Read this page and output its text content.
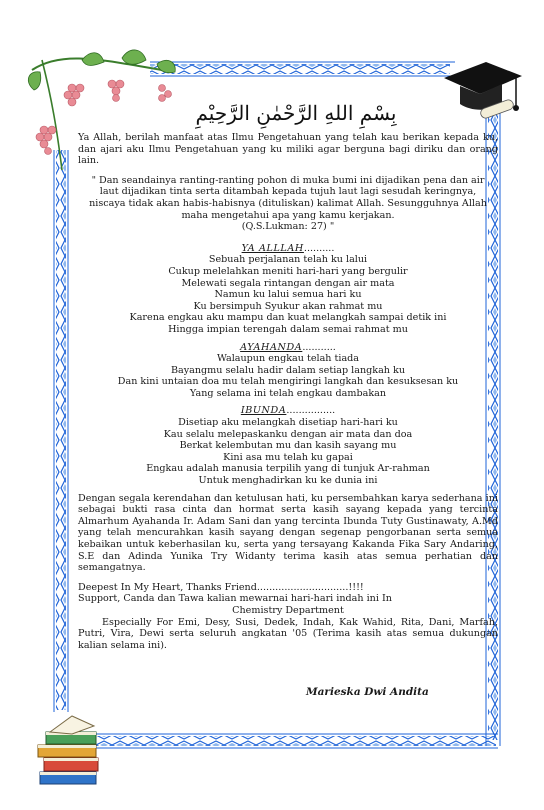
بِسْمِ اللهِ الرَّحْمٰنِ الرَّحِيْمِ

Ya Allah, berilah manfaat atas Ilmu Pengetahuan yang telah kau berikan kepada ku, dan ajari aku Ilmu Pengetahuan yang ku miliki agar berguna bagi diriku dan orang lain.

" Dan seandainya ranting-ranting pohon di muka bumi ini dijadikan pena dan air laut dijadikan tinta serta ditambah kepada tujuh laut lagi sesudah keringnya, niscaya tidak akan habis-habisnya (dituliskan) kalimat Allah. Sesungguhnya Allah maha mengetahui apa yang kamu kerjakan.
(Q.S.Lukman: 27) "

YA ALLLAH..........
Sebuah perjalanan telah ku lalui
Cukup melelahkan meniti hari-hari yang bergulir
Melewati segala rintangan dengan air mata
Namun ku lalui semua hari ku
Ku bersimpuh Syukur akan rahmat mu
Karena engkau aku mampu dan kuat melangkah sampai detik ini
Hingga impian terengah dalam semai rahmat mu
AYAHANDA...........
Walaupun engkau telah tiada
Bayangmu selalu hadir dalam setiap langkah ku
Dan kini untaian doa mu telah mengiringi langkah dan kesuksesan ku
Yang selama ini telah engkau dambakan
IBUNDA................
Disetiap aku melangkah disetiap hari-hari ku
Kau selalu melepaskanku dengan air mata dan doa
Berkat kelembutan mu dan kasih sayang mu
Kini asa mu telah ku gapai
Engkau adalah manusia terpilih yang di tunjuk Ar-rahman
Untuk menghadirkan ku ke dunia ini

Dengan segala kerendahan dan ketulusan hati, ku persembahkan karya sederhana ini sebagai bukti rasa cinta dan hormat serta kasih sayang kepada yang tercinta Almarhum Ayahanda Ir. Adam Sani dan yang tercinta Ibunda Tuty Gustinawaty, A.Md yang telah mencurahkan kasih sayang dengan segenap pengorbanan serta semua kebaikan untuk keberhasilan ku, serta yang tersayang Kakanda Fika Sary Andaring, S.E dan Adinda Yunika Try Widanty terima kasih atas semua perhatian dan semangatnya.

Deepest In My Heart, Thanks Friend..............................!!!!
Support, Canda dan Tawa kalian mewarnai hari-hari indah ini In
Chemistry Department
Especially For Emi, Desy, Susi, Dedek, Indah, Kak Wahid, Rita, Dani, Marfah, Putri, Vira, Dewi serta seluruh angkatan '05 (Terima kasih atas semua dukungan kalian selama ini).
Marieska Dwi Andita
